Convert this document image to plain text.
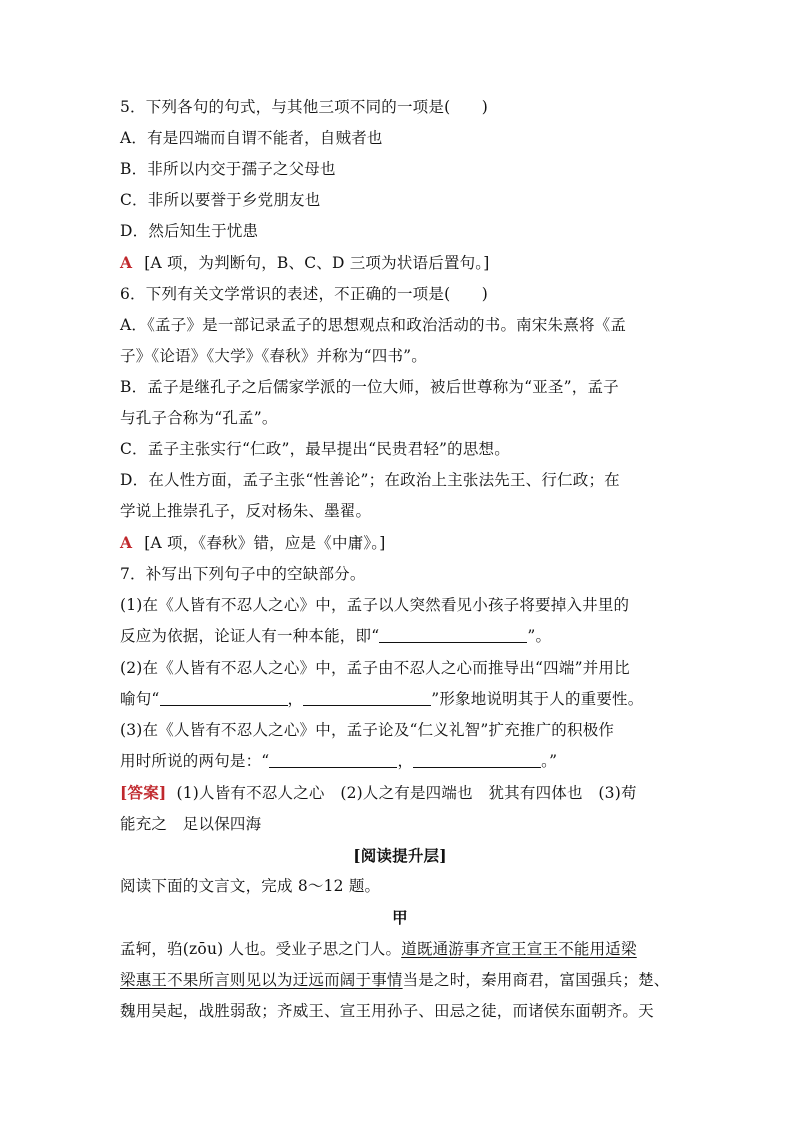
5．下列各句的句式，与其他三项不同的一项是(　　)
A．有是四端而自谓不能者，自贼者也
B．非所以内交于孺子之父母也
C．非所以要誉于乡党朋友也
D．然后知生于忧患
A [A 项，为判断句，B、C、D 三项为状语后置句。]
6．下列有关文学常识的表述，不正确的一项是(　　)
A．《孟子》是一部记录孟子的思想观点和政治活动的书。南宋朱熹将《孟
子》《论语》《大学》《春秋》并称为“四书”。
B．孟子是继孔子之后儒家学派的一位大师，被后世尊称为“亚圣”，孟子
与孔子合称为“孔孟”。
C．孟子主张实行“仁政”，最早提出“民贵君轻”的思想。
D．在人性方面，孟子主张“性善论”；在政治上主张法先王、行仁政；在
学说上推崇孔子，反对杨朱、墨翟。
A [A 项，《春秋》错，应是《中庸》。]
7．补写出下列句子中的空缺部分。
(1)在《人皆有不忍人之心》中，孟子以人突然看见小孩子将要掉入井里的
反应为依据，论证人有一种本能，即“	”。
(2)在《人皆有不忍人之心》中，孟子由不忍人之心而推导出“四端”并用比
喻句“	，	”形象地说明其于人的重要性。
(3)在《人皆有不忍人之心》中，孟子论及“仁义礼智”扩充推广的积极作
用时所说的两句是：“	，	。”
[答案] (1)人皆有不忍人之心　(2)人之有是四端也　犹其有四体也　(3)苟
能充之　足以保四海
[阅读提升层]
阅读下面的文言文，完成 8～12 题。
甲
孟轲，驺(zōu) 人也。受业子思之门人。道既通游事齐宣王宣王不能用适梁
梁惠王不果所言则见以为迂远而阔于事情当是之时，秦用商君，富国强兵；楚、
魏用吴起，战胜弱敌；齐威王、宣王用孙子、田忌之徒，而诸侯东面朝齐。天
